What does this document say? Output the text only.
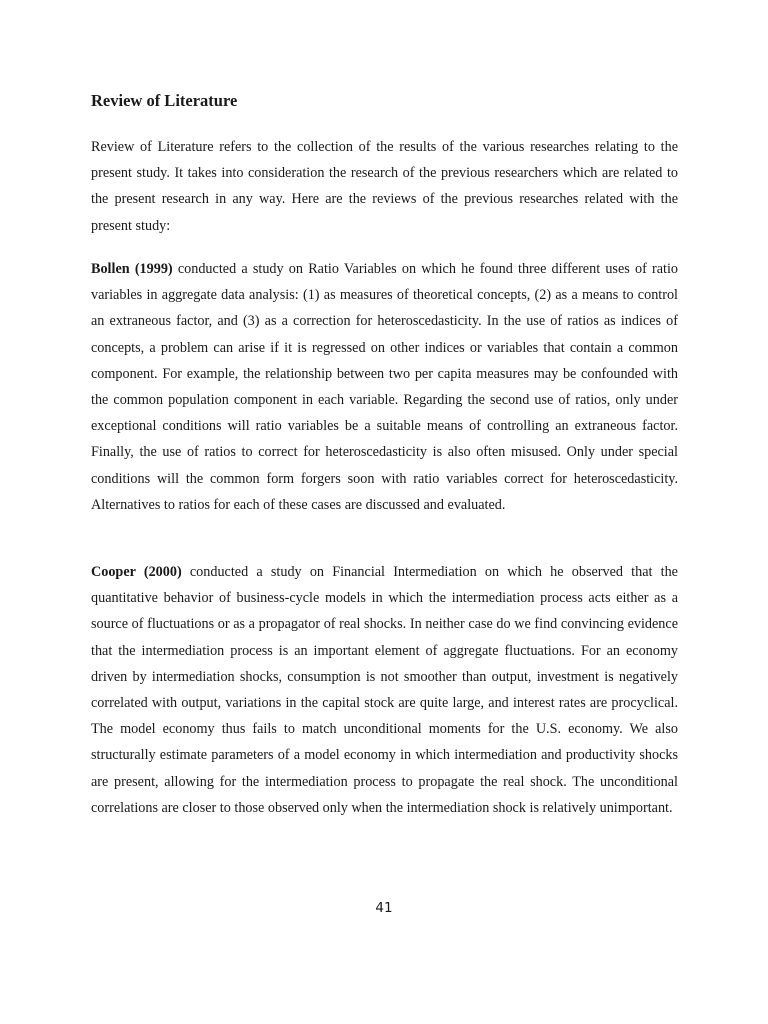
Review of Literature

Review of Literature refers to the collection of the results of the various researches relating to the present study. It takes into consideration the research of the previous researchers which are related to the present research in any way. Here are the reviews of the previous researches related with the present study:

Bollen (1999) conducted a study on Ratio Variables on which he found three different uses of ratio variables in aggregate data analysis: (1) as measures of theoretical concepts, (2) as a means to control an extraneous factor, and (3) as a correction for heteroscedasticity. In the use of ratios as indices of concepts, a problem can arise if it is regressed on other indices or variables that contain a common component. For example, the relationship between two per capita measures may be confounded with the common population component in each variable. Regarding the second use of ratios, only under exceptional conditions will ratio variables be a suitable means of controlling an extraneous factor. Finally, the use of ratios to correct for heteroscedasticity is also often misused. Only under special conditions will the common form forgers soon with ratio variables correct for heteroscedasticity. Alternatives to ratios for each of these cases are discussed and evaluated.

Cooper (2000) conducted a study on Financial Intermediation on which he observed that the quantitative behavior of business-cycle models in which the intermediation process acts either as a source of fluctuations or as a propagator of real shocks. In neither case do we find convincing evidence that the intermediation process is an important element of aggregate fluctuations. For an economy driven by intermediation shocks, consumption is not smoother than output, investment is negatively correlated with output, variations in the capital stock are quite large, and interest rates are procyclical. The model economy thus fails to match unconditional moments for the U.S. economy. We also structurally estimate parameters of a model economy in which intermediation and productivity shocks are present, allowing for the intermediation process to propagate the real shock. The unconditional correlations are closer to those observed only when the intermediation shock is relatively unimportant.

41
